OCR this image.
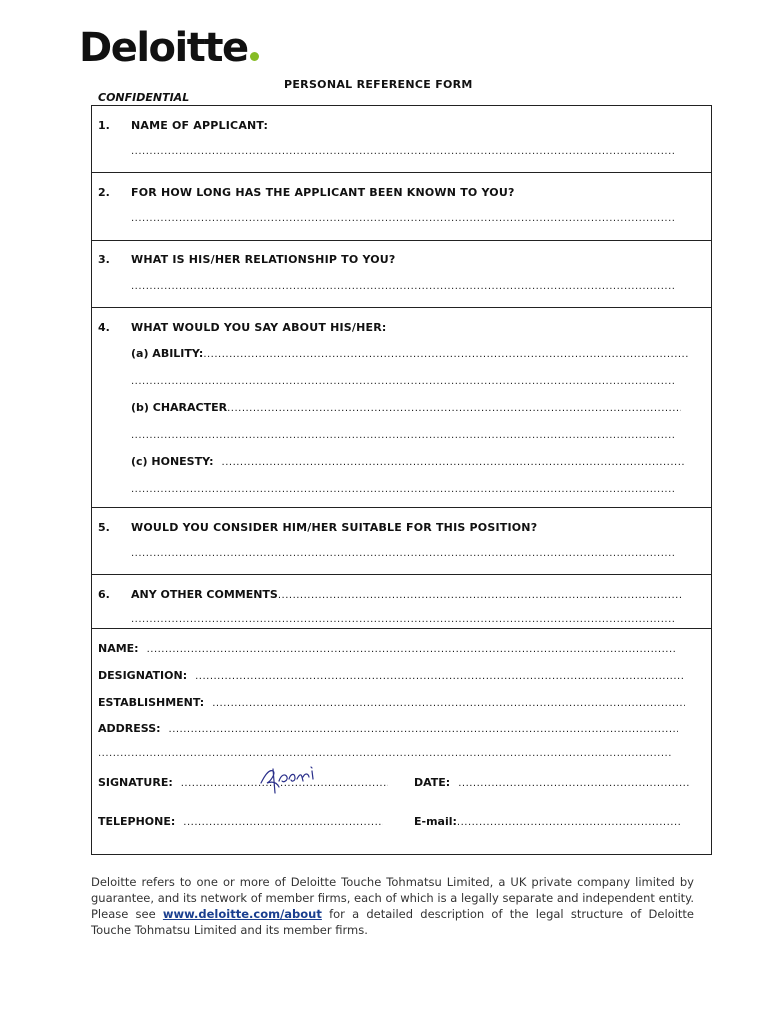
Deloitte
PERSONAL REFERENCE FORM
CONFIDENTIAL
1. NAME OF APPLICANT:
.....
2. FOR HOW LONG HAS THE APPLICANT BEEN KNOWN TO YOU?
.....
3. WHAT IS HIS/HER RELATIONSHIP TO YOU?
.....
4. WHAT WOULD YOU SAY ABOUT HIS/HER:
(a) ABILITY:
.....
.....
(b) CHARACTER
.....
.....
(c) HONESTY:
.....
.....
5. WOULD YOU CONSIDER HIM/HER SUITABLE FOR THIS POSITION?
.....
6.	ANY OTHER COMMENTS
.....
.....
NAME:
.....
DESIGNATION:
.....
ESTABLISHMENT:
.....
ADDRESS:
.....
.....
SIGNATURE: .....	DATE:
.....
TELEPHONE: .....	E-mail:
.....
Deloitte refers to one or more of Deloitte Touche Tohmatsu Limited, a UK private company limited by guarantee, and its network of member firms, each of which is a legally separate and independent entity. Please see www.deloitte.com/about for a detailed description of the legal structure of Deloitte Touche Tohmatsu Limited and its member firms.
